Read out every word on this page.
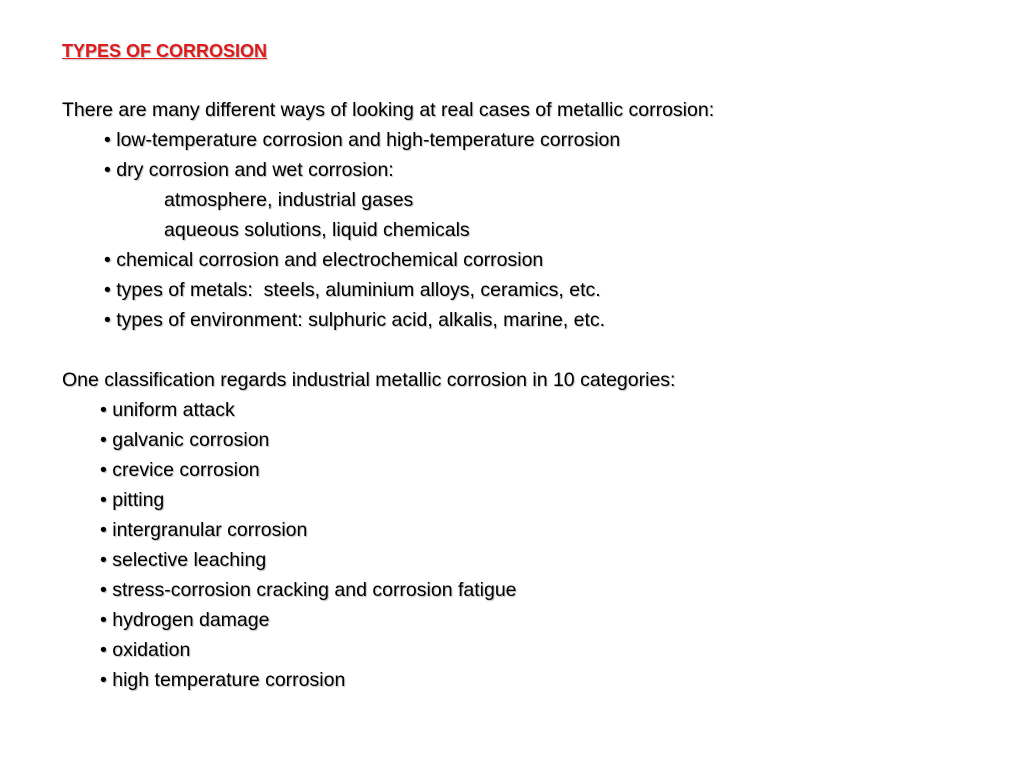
TYPES OF CORROSION
There are many different ways of looking at real cases of metallic corrosion:
• low-temperature corrosion and high-temperature corrosion
• dry corrosion and wet corrosion:
atmosphere, industrial gases
aqueous solutions, liquid chemicals
• chemical corrosion and electrochemical corrosion
• types of metals:  steels, aluminium alloys, ceramics, etc.
• types of environment: sulphuric acid, alkalis, marine, etc.
One classification regards industrial metallic corrosion in 10 categories:
• uniform attack
• galvanic corrosion
• crevice corrosion
• pitting
• intergranular corrosion
• selective leaching
• stress-corrosion cracking and corrosion fatigue
• hydrogen damage
• oxidation
• high temperature corrosion
